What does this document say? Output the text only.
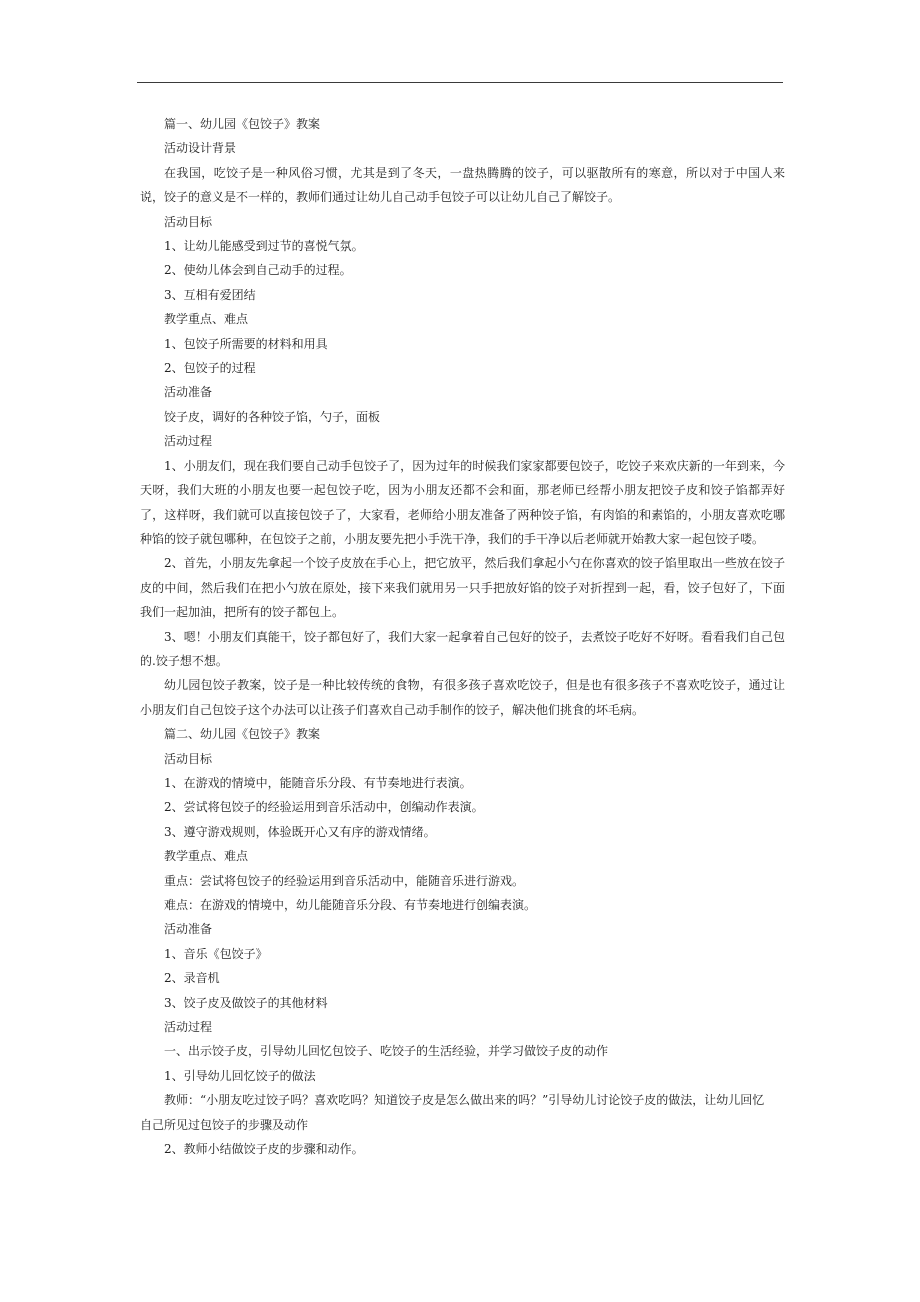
篇一、幼儿园《包饺子》教案

活动设计背景

在我国，吃饺子是一种风俗习惯，尤其是到了冬天，一盘热腾腾的饺子，可以驱散所有的寒意，所以对于中国人来说，饺子的意义是不一样的，教师们通过让幼儿自己动手包饺子可以让幼儿自己了解饺子。

活动目标

1、让幼儿能感受到过节的喜悦气氛。

2、使幼儿体会到自己动手的过程。

3、互相有爱团结

教学重点、难点

1、包饺子所需要的材料和用具

2、包饺子的过程

活动准备

饺子皮，调好的各种饺子馅，勺子，面板

活动过程

1、小朋友们，现在我们要自己动手包饺子了，因为过年的时候我们家家都要包饺子，吃饺子来欢庆新的一年到来，今天呀，我们大班的小朋友也要一起包饺子吃，因为小朋友还都不会和面，那老师已经帮小朋友把饺子皮和饺子馅都弄好了，这样呀，我们就可以直接包饺子了，大家看，老师给小朋友准备了两种饺子馅，有肉馅的和素馅的，小朋友喜欢吃哪种馅的饺子就包哪种，在包饺子之前，小朋友要先把小手洗干净，我们的手干净以后老师就开始教大家一起包饺子喽。

2、首先，小朋友先拿起一个饺子皮放在手心上，把它放平，然后我们拿起小勺在你喜欢的饺子馅里取出一些放在饺子皮的中间，然后我们在把小勺放在原处，接下来我们就用另一只手把放好馅的饺子对折捏到一起，看，饺子包好了，下面我们一起加油，把所有的饺子都包上。

3、嗯！小朋友们真能干，饺子都包好了，我们大家一起拿着自己包好的饺子，去煮饺子吃好不好呀。看看我们自己包的.饺子想不想。

幼儿园包饺子教案，饺子是一种比较传统的食物，有很多孩子喜欢吃饺子，但是也有很多孩子不喜欢吃饺子，通过让小朋友们自己包饺子这个办法可以让孩子们喜欢自己动手制作的饺子，解决他们挑食的坏毛病。

篇二、幼儿园《包饺子》教案

活动目标

1、在游戏的情境中，能随音乐分段、有节奏地进行表演。

2、尝试将包饺子的经验运用到音乐活动中，创编动作表演。

3、遵守游戏规则，体验既开心又有序的游戏情绪。

教学重点、难点

重点：尝试将包饺子的经验运用到音乐活动中，能随音乐进行游戏。

难点：在游戏的情境中，幼儿能随音乐分段、有节奏地进行创编表演。

活动准备

1、音乐《包饺子》

2、录音机

3、饺子皮及做饺子的其他材料

活动过程

一、出示饺子皮，引导幼儿回忆包饺子、吃饺子的生活经验，并学习做饺子皮的动作

1、引导幼儿回忆饺子的做法

教师：“小朋友吃过饺子吗？喜欢吃吗？知道饺子皮是怎么做出来的吗？”引导幼儿讨论饺子皮的做法，让幼儿回忆

自己所见过包饺子的步骤及动作

2、教师小结做饺子皮的步骤和动作。
